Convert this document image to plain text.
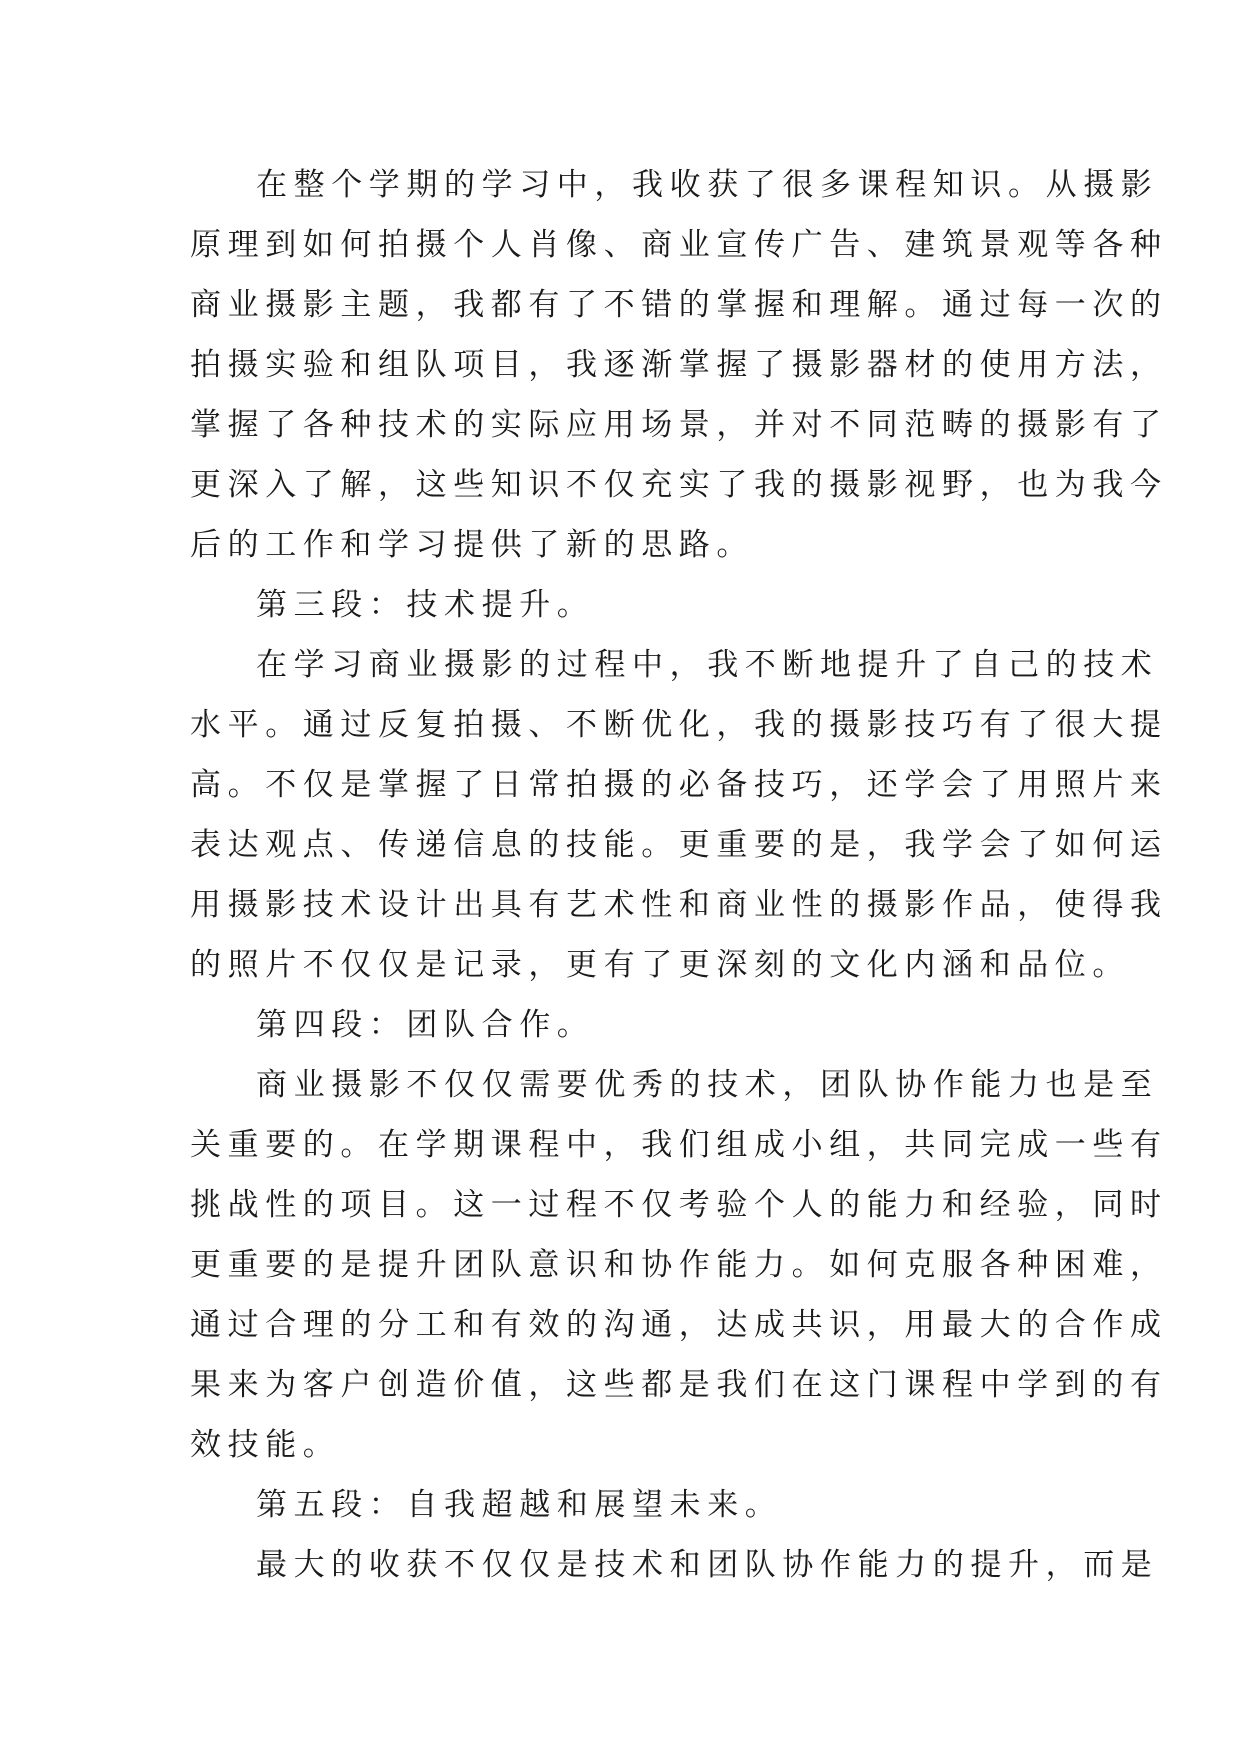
在整个学期的学习中，我收获了很多课程知识。从摄影
原理到如何拍摄个人肖像、商业宣传广告、建筑景观等各种
商业摄影主题，我都有了不错的掌握和理解。通过每一次的
拍摄实验和组队项目，我逐渐掌握了摄影器材的使用方法，
掌握了各种技术的实际应用场景，并对不同范畴的摄影有了
更深入了解，这些知识不仅充实了我的摄影视野，也为我今
后的工作和学习提供了新的思路。
第三段：技术提升。
在学习商业摄影的过程中，我不断地提升了自己的技术
水平。通过反复拍摄、不断优化，我的摄影技巧有了很大提
高。不仅是掌握了日常拍摄的必备技巧，还学会了用照片来
表达观点、传递信息的技能。更重要的是，我学会了如何运
用摄影技术设计出具有艺术性和商业性的摄影作品，使得我
的照片不仅仅是记录，更有了更深刻的文化内涵和品位。
第四段：团队合作。
商业摄影不仅仅需要优秀的技术，团队协作能力也是至
关重要的。在学期课程中，我们组成小组，共同完成一些有
挑战性的项目。这一过程不仅考验个人的能力和经验，同时
更重要的是提升团队意识和协作能力。如何克服各种困难，
通过合理的分工和有效的沟通，达成共识，用最大的合作成
果来为客户创造价值，这些都是我们在这门课程中学到的有
效技能。
第五段：自我超越和展望未来。
最大的收获不仅仅是技术和团队协作能力的提升，而是
